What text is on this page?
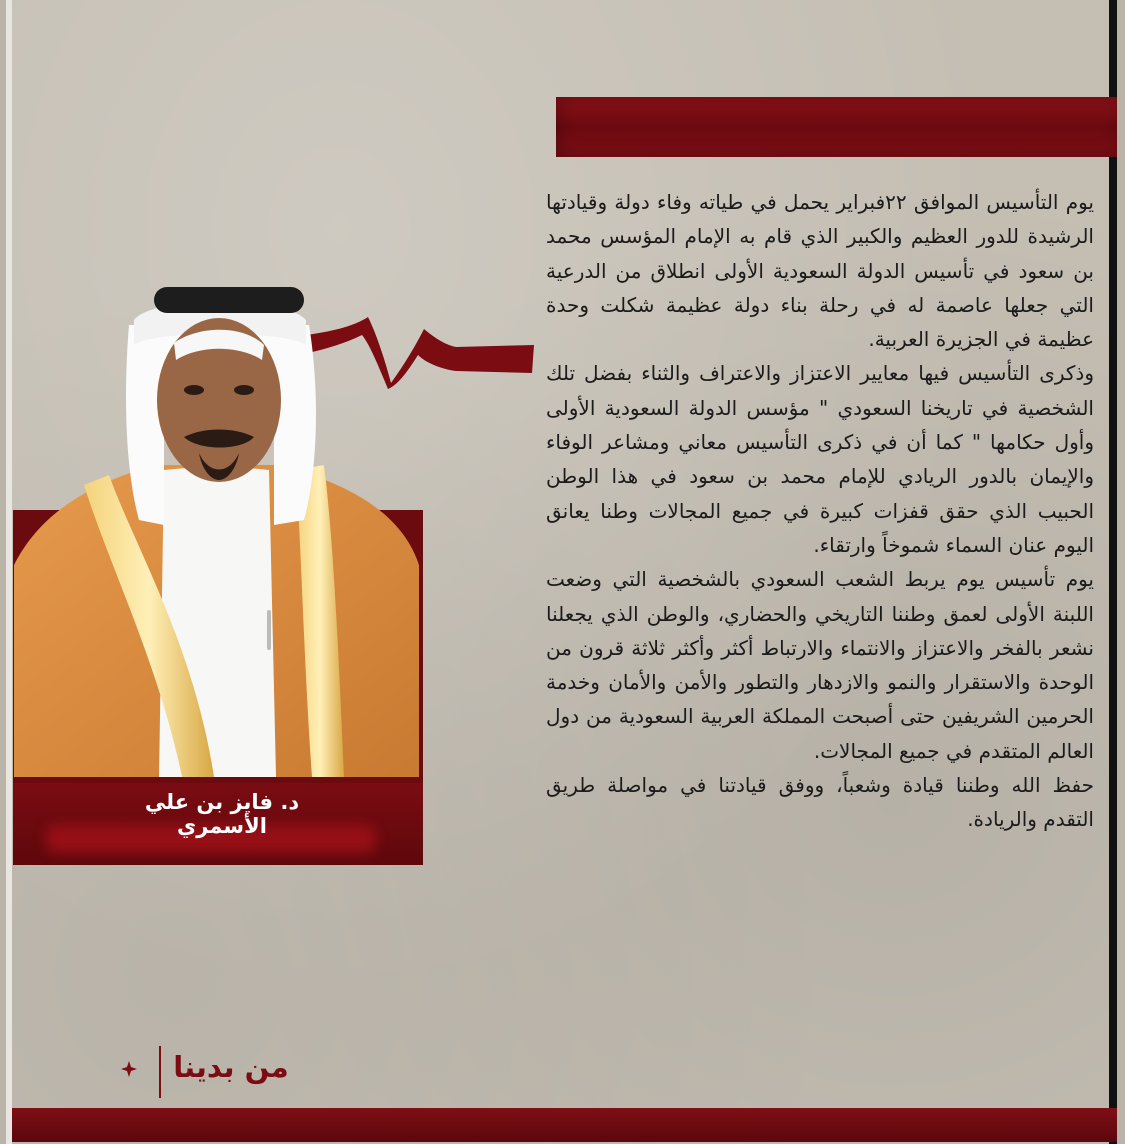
د. فايز بن علي الأسمري

يوم التأسيس الموافق ٢٢فبراير يحمل في طياته وفاء دولة وقيادتها الرشيدة للدور العظيم والكبير الذي قام به الإمام المؤسس محمد بن سعود في تأسيس الدولة السعودية الأولى انطلاق من الدرعية التي جعلها عاصمة له في رحلة بناء دولة عظيمة شكلت وحدة عظيمة في الجزيرة العربية.

وذكرى التأسيس فيها معايير الاعتزاز والاعتراف والثناء بفضل تلك الشخصية في تاريخنا السعودي " مؤسس الدولة السعودية الأولى وأول حكامها " كما أن في ذكرى التأسيس معاني ومشاعر الوفاء والإيمان بالدور الريادي للإمام محمد بن سعود في هذا الوطن الحبيب الذي حقق قفزات كبيرة في جميع المجالات وطنا يعانق اليوم عنان السماء شموخاً وارتقاء.

يوم تأسيس يوم يربط الشعب السعودي بالشخصية التي وضعت اللبنة الأولى لعمق وطننا التاريخي والحضاري، والوطن الذي يجعلنا نشعر بالفخر والاعتزاز والانتماء والارتباط أكثر وأكثر ثلاثة قرون من الوحدة والاستقرار والنمو والازدهار والتطور والأمن والأمان وخدمة الحرمين الشريفين حتى أصبحت المملكة العربية السعودية من دول العالم المتقدم في جميع المجالات.

حفظ الله وطننا قيادة وشعباً، ووفق قيادتنا في مواصلة طريق التقدم والريادة.

من بدينا
